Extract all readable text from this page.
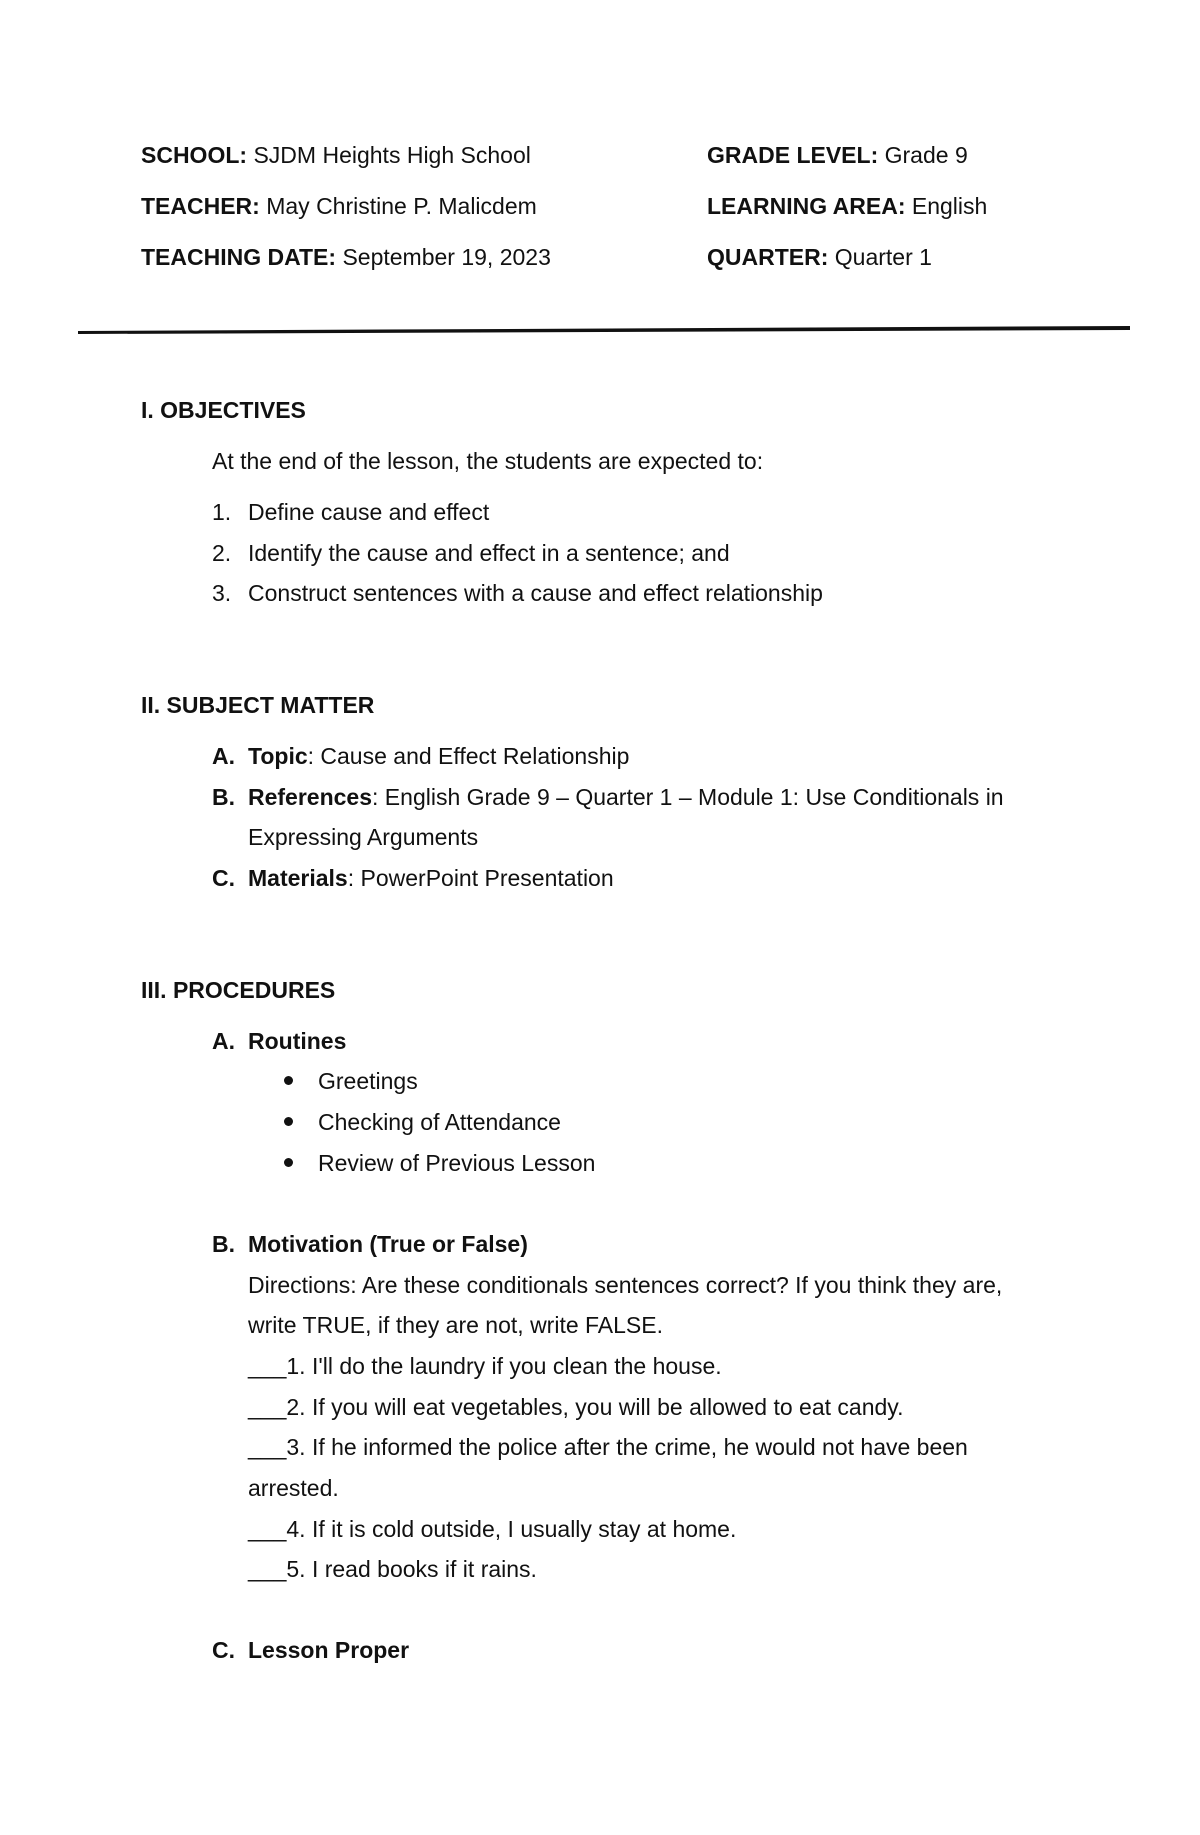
SCHOOL: SJDM Heights High School
TEACHER: May Christine P. Malicdem
TEACHING DATE: September 19, 2023
GRADE LEVEL: Grade 9
LEARNING AREA: English
QUARTER: Quarter 1
I. OBJECTIVES
At the end of the lesson, the students are expected to:
1. Define cause and effect
2. Identify the cause and effect in a sentence; and
3. Construct sentences with a cause and effect relationship
II. SUBJECT MATTER
A. Topic: Cause and Effect Relationship
B. References: English Grade 9 – Quarter 1 – Module 1: Use Conditionals in
Expressing Arguments
C. Materials: PowerPoint Presentation
III. PROCEDURES
A. Routines
Greetings
Checking of Attendance
Review of Previous Lesson
B. Motivation (True or False)
Directions: Are these conditionals sentences correct? If you think they are,
write TRUE, if they are not, write FALSE.
___1. I'll do the laundry if you clean the house.
___2. If you will eat vegetables, you will be allowed to eat candy.
___3. If he informed the police after the crime, he would not have been
arrested.
___4. If it is cold outside, I usually stay at home.
___5. I read books if it rains.
C. Lesson Proper
